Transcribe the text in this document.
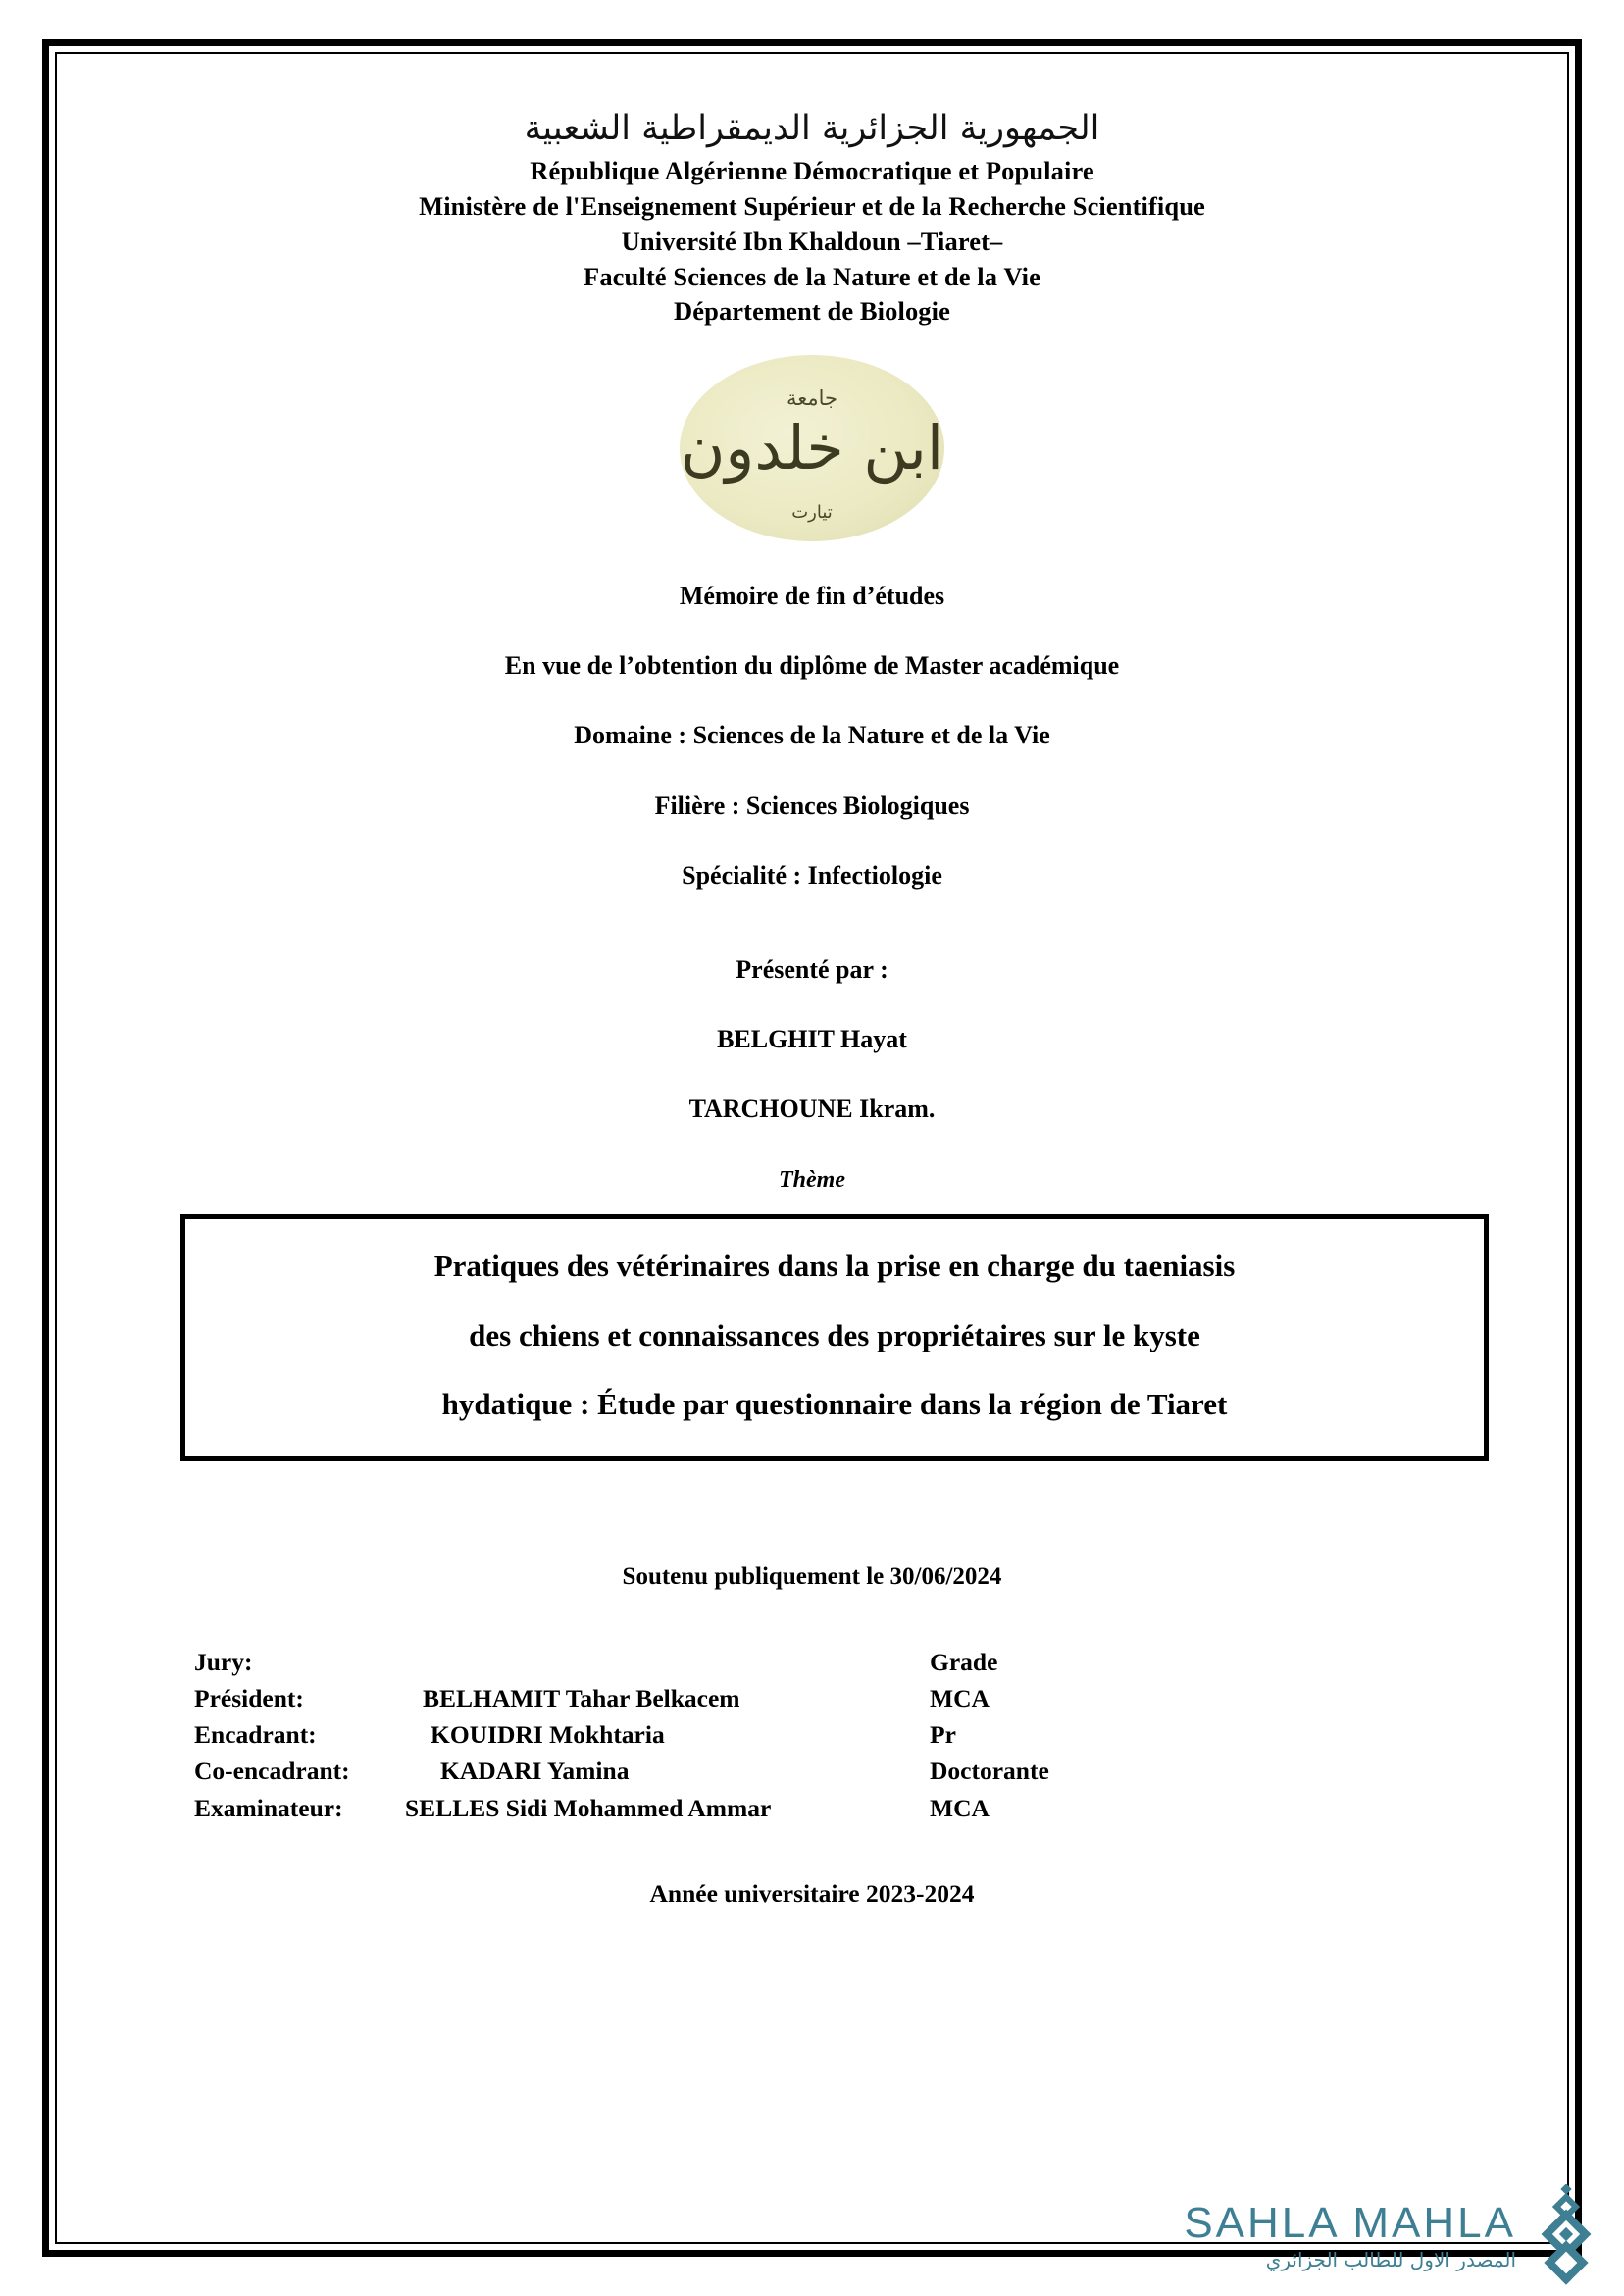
الجمهورية الجزائرية الديمقراطية الشعبية
République Algérienne Démocratique et Populaire
Ministère de l'Enseignement Supérieur et de la Recherche Scientifique
Université Ibn Khaldoun –Tiaret–
Faculté Sciences de la Nature et de la Vie
Département de Biologie
جامعة
ابن خلدون
تيارت

Mémoire de fin d’études

En vue de l’obtention du diplôme de Master académique

Domaine : Sciences de la Nature et de la Vie

Filière : Sciences Biologiques

Spécialité : Infectiologie

Présenté par :

BELGHIT Hayat

TARCHOUNE Ikram.

Thème

Pratiques des vétérinaires dans la prise en charge du taeniasis

des chiens et connaissances des propriétaires sur le kyste

hydatique : Étude par questionnaire dans la région de Tiaret

Soutenu publiquement le 30/06/2024
Jury:	Grade
Président:	BELHAMIT Tahar Belkacem	MCA
Encadrant:	KOUIDRI Mokhtaria	Pr
Co-encadrant:	KADARI Yamina	Doctorante
Examinateur:	SELLES Sidi Mohammed Ammar	MCA
Année universitaire 2023-2024
SAHLA MAHLA
المصدر الاول للطالب الجزائري
